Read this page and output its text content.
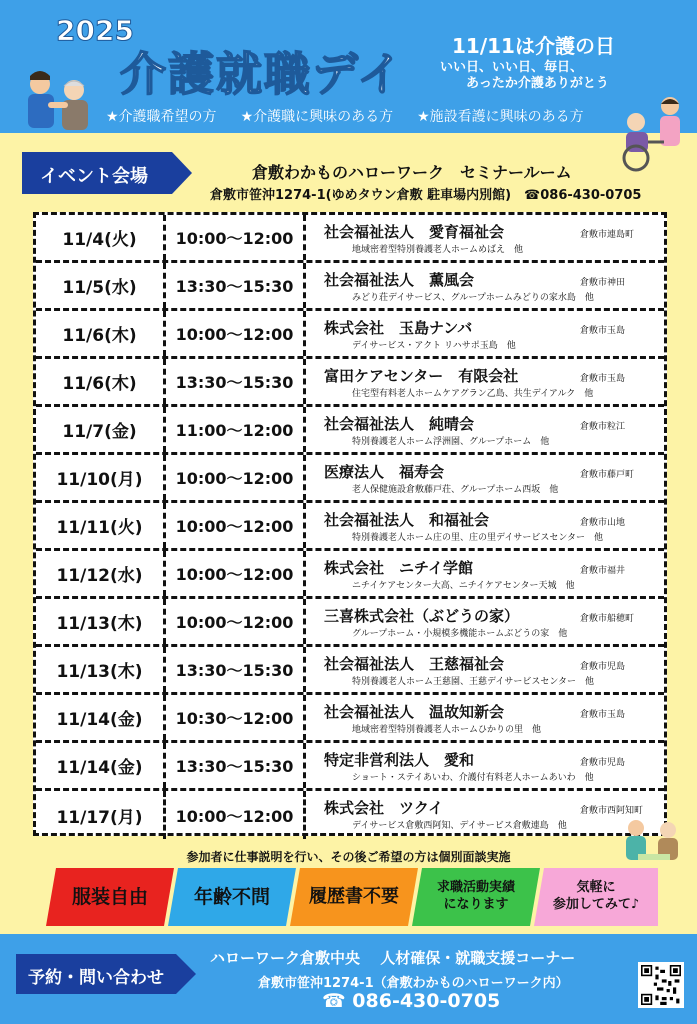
2025
介護就職デイ
11/11は介護の日
いい日、いい日、毎日、
あったか介護ありがとう
★介護職希望の方 ★介護職に興味のある方 ★施設看護に興味のある方
イベント会場	倉敷わかものハローワーク　セミナールーム
倉敷市笹沖1274-1(ゆめタウン倉敷 駐車場内別館)　☎086-430-0705
11/4(火)	10:00～12:00	社会福祉法人　愛育福祉会	倉敷市連島町
地域密着型特別養護老人ホームめばえ　他
11/5(水)	13:30～15:30	社会福祉法人　薫風会	倉敷市神田
みどり荘デイサービス、グループホームみどりの家水島　他
11/6(木)	10:00～12:00	株式会社　玉島ナンバ	倉敷市玉島
デイサービス・アクト リハサポ玉島　他
11/6(木)	13:30～15:30	富田ケアセンター　有限会社	倉敷市玉島
住宅型有料老人ホームケアグラン乙島、共生デイアルク　他
11/7(金)	11:00～12:00	社会福祉法人　純晴会	倉敷市粒江
特別養護老人ホーム浮洲園、グループホーム　他
11/10(月)	10:00～12:00	医療法人　福寿会	倉敷市藤戸町
老人保健施設倉敷藤戸荘、グループホーム西坂　他
11/11(火)	10:00～12:00	社会福祉法人　和福祉会	倉敷市山地
特別養護老人ホーム庄の里、庄の里デイサービスセンター　他
11/12(水)	10:00～12:00	株式会社　ニチイ学館	倉敷市福井
ニチイケアセンター大高、ニチイケアセンター天城　他
11/13(木)	10:00～12:00	三喜株式会社（ぶどうの家）	倉敷市船穂町
グループホーム・小規模多機能ホームぶどうの家　他
11/13(木)	13:30～15:30	社会福祉法人　王慈福祉会	倉敷市児島
特別養護老人ホーム王慈園、王慈デイサービスセンター　他
11/14(金)	10:30～12:00	社会福祉法人　温故知新会	倉敷市玉島
地域密着型特別養護老人ホームひかりの里　他
11/14(金)	13:30～15:30	特定非営利法人　愛和	倉敷市児島
ショート・ステイあいわ、介護付有料老人ホームあいわ　他
11/17(月)	10:00～12:00	株式会社　ツクイ	倉敷市西阿知町
デイサービス倉敷西阿知、デイサービス倉敷連島　他
参加者に仕事説明を行い、その後ご希望の方は個別面談実施
服装自由 年齢不問 履歴書不要	求職活動実績
になります
気軽に
参加してみて♪
予約・問い合わせ
ハローワーク倉敷中央　 人材確保・就職支援コーナー
倉敷市笹沖1274-1（倉敷わかものハローワーク内）
☎ 086-430-0705
